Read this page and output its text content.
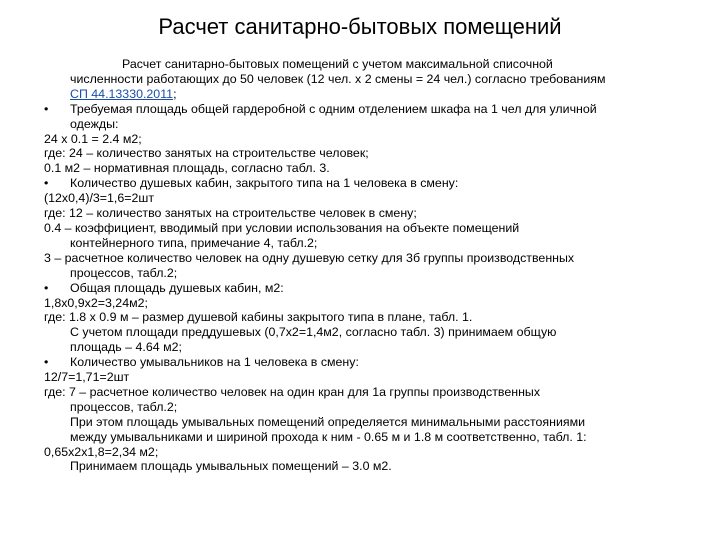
Расчет санитарно-бытовых помещений
Расчет санитарно-бытовых помещений с учетом максимальной списочной
численности работающих до 50 человек (12 чел. х 2 смены = 24 чел.) согласно требованиям
СП 44.13330.2011;
• Требуемая площадь общей гардеробной с одним отделением шкафа на 1 чел для уличной
одежды:
24 х 0.1 = 2.4 м2;
где: 24 – количество занятых на строительстве человек;
0.1 м2 – нормативная площадь, согласно табл. 3.
• Количество душевых кабин, закрытого типа на 1 человека в смену:
(12х0,4)/3=1,6=2шт
где: 12 – количество занятых на строительстве человек в смену;
0.4 – коэффициент, вводимый при условии использования на объекте помещений
контейнерного типа, примечание 4, табл.2;
3 – расчетное количество человек на одну душевую сетку для 3б группы производственных
процессов, табл.2;
• Общая площадь душевых кабин, м2:
1,8х0,9х2=3,24м2;
где: 1.8 х 0.9 м – размер душевой кабины закрытого типа в плане, табл. 1.
С учетом площади преддушевых (0,7х2=1,4м2, согласно табл. 3) принимаем общую
площадь – 4.64 м2;
• Количество умывальников на 1 человека в смену:
12/7=1,71=2шт
где: 7 – расчетное количество человек на один кран для 1а группы производственных
процессов, табл.2;
При этом площадь умывальных помещений определяется минимальными расстояниями
между умывальниками и шириной прохода к ним - 0.65 м и 1.8 м соответственно, табл. 1:
0,65х2х1,8=2,34 м2;
Принимаем площадь умывальных помещений – 3.0 м2.
